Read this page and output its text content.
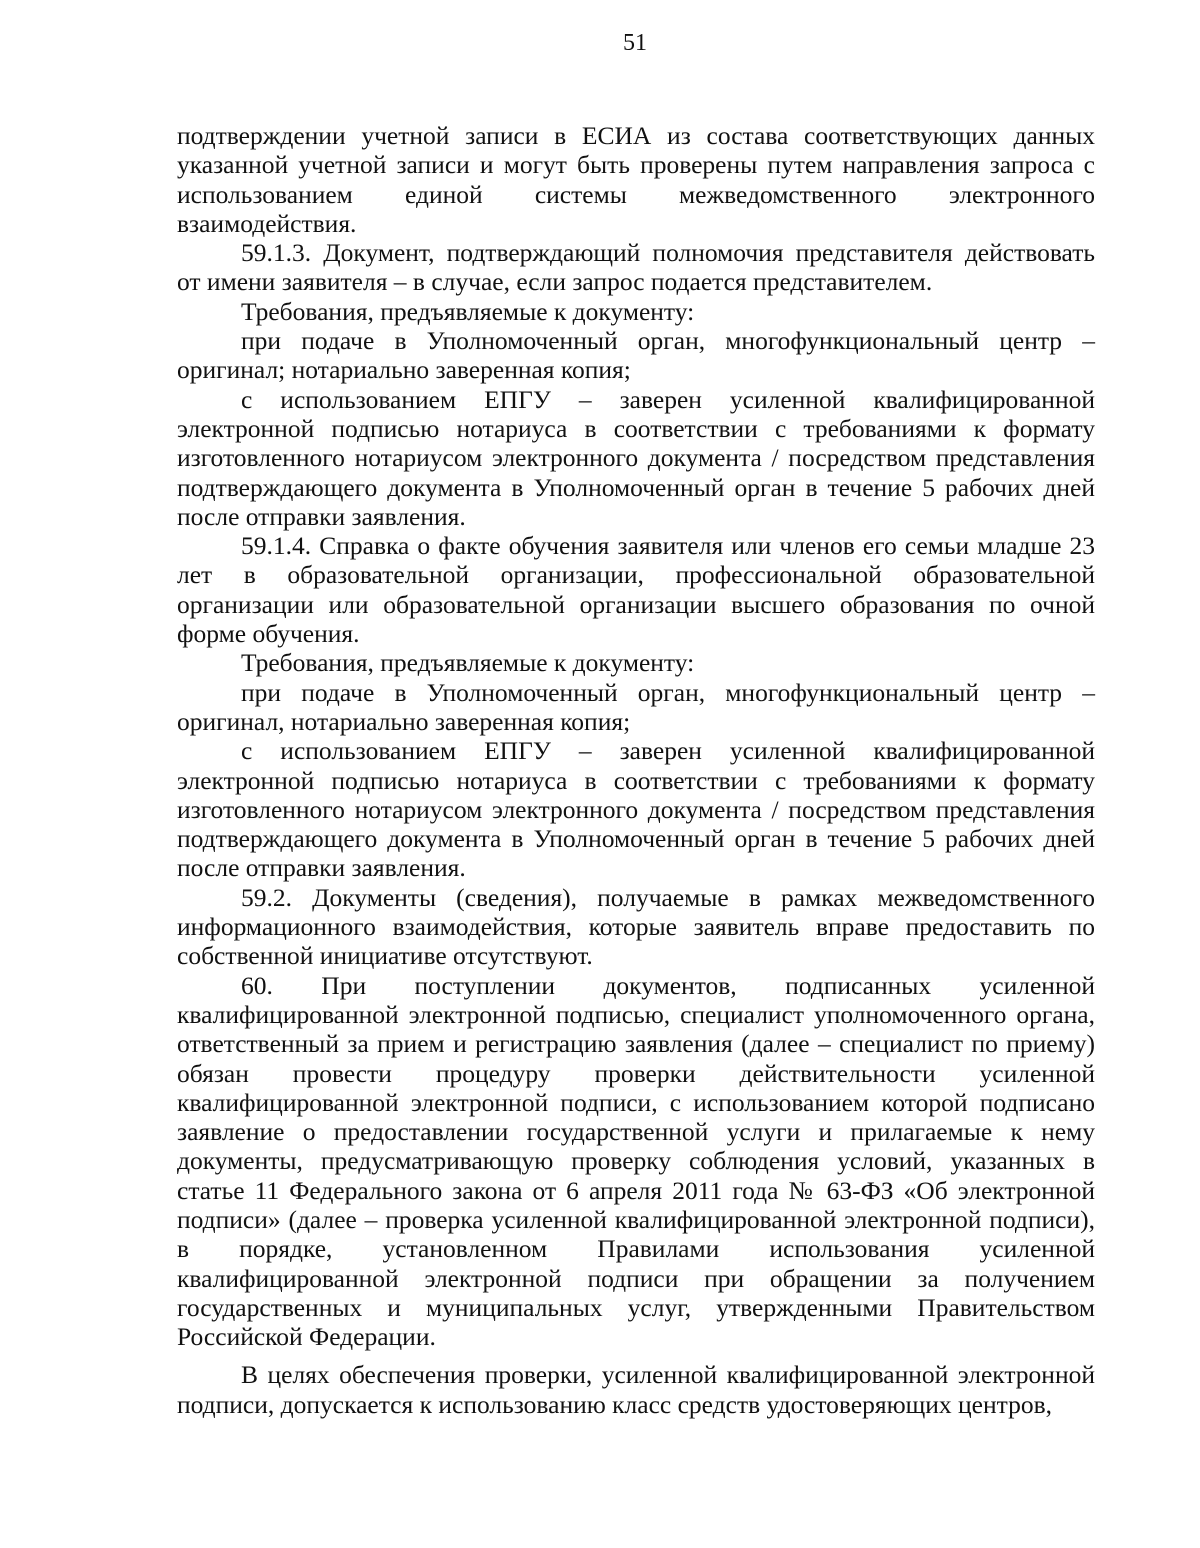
51

подтверждении учетной записи в ЕСИА из состава соответствующих данных указанной учетной записи и могут быть проверены путем направления запроса с использованием единой системы межведомственного электронного взаимодействия.

59.1.3. Документ, подтверждающий полномочия представителя действовать от имени заявителя – в случае, если запрос подается представителем.

Требования, предъявляемые к документу:

при подаче в Уполномоченный орган, многофункциональный центр – оригинал; нотариально заверенная копия;

с использованием ЕПГУ – заверен усиленной квалифицированной электронной подписью нотариуса в соответствии с требованиями к формату изготовленного нотариусом электронного документа / посредством представления подтверждающего документа в Уполномоченный орган в течение 5 рабочих дней после отправки заявления.

59.1.4. Справка о факте обучения заявителя или членов его семьи младше 23 лет в образовательной организации, профессиональной образовательной организации или образовательной организации высшего образования по очной форме обучения.

Требования, предъявляемые к документу:

при подаче в Уполномоченный орган, многофункциональный центр – оригинал, нотариально заверенная копия;

с использованием ЕПГУ – заверен усиленной квалифицированной электронной подписью нотариуса в соответствии с требованиями к формату изготовленного нотариусом электронного документа / посредством представления подтверждающего документа в Уполномоченный орган в течение 5 рабочих дней после отправки заявления.

59.2. Документы (сведения), получаемые в рамках межведомственного информационного взаимодействия, которые заявитель вправе предоставить по собственной инициативе отсутствуют.

60. При поступлении документов, подписанных усиленной квалифицированной электронной подписью, специалист уполномоченного органа, ответственный за прием и регистрацию заявления (далее – специалист по приему) обязан провести процедуру проверки действительности усиленной квалифицированной электронной подписи, с использованием которой подписано заявление о предоставлении государственной услуги и прилагаемые к нему документы, предусматривающую проверку соблюдения условий, указанных в статье 11 Федерального закона от 6 апреля 2011 года № 63-ФЗ «Об электронной подписи» (далее – проверка усиленной квалифицированной электронной подписи), в порядке, установленном Правилами использования усиленной квалифицированной электронной подписи при обращении за получением государственных и муниципальных услуг, утвержденными Правительством Российской Федерации.

В целях обеспечения проверки, усиленной квалифицированной электронной подписи, допускается к использованию класс средств удостоверяющих центров,
